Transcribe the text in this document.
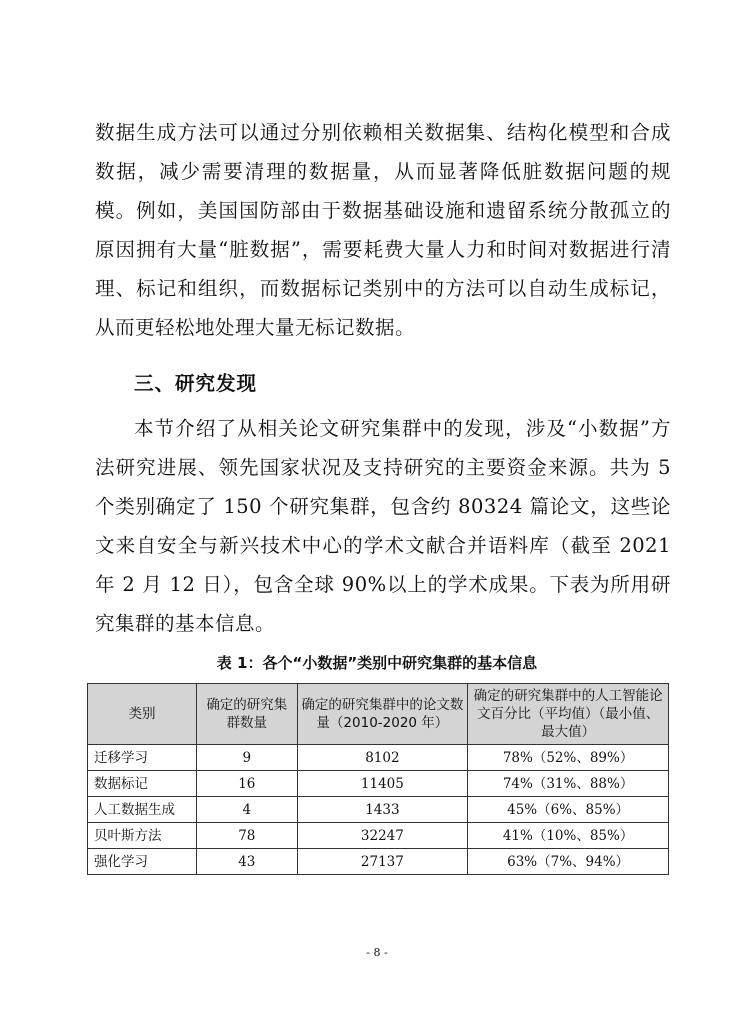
数据生成方法可以通过分别依赖相关数据集、结构化模型和合成数据，减少需要清理的数据量，从而显著降低脏数据问题的规模。例如，美国国防部由于数据基础设施和遗留系统分散孤立的原因拥有大量“脏数据”，需要耗费大量人力和时间对数据进行清理、标记和组织，而数据标记类别中的方法可以自动生成标记，从而更轻松地处理大量无标记数据。

三、研究发现

本节介绍了从相关论文研究集群中的发现，涉及“小数据”方法研究进展、领先国家状况及支持研究的主要资金来源。共为 5 个类别确定了 150 个研究集群，包含约 80324 篇论文，这些论文来自安全与新兴技术中心的学术文献合并语料库（截至 2021 年 2 月 12 日），包含全球 90%以上的学术成果。下表为所用研究集群的基本信息。

表 1：各个“小数据”类别中研究集群的基本信息

类别	确定的研究集群数量	确定的研究集群中的论文数量（2010-2020 年）	确定的研究集群中的人工智能论文百分比（平均值）（最小值、最大值）
迁移学习	9	8102	78%（52%、89%）
数据标记	16	11405	74%（31%、88%）
人工数据生成	4	1433	45%（6%、85%）
贝叶斯方法	78	32247	41%（10%、85%）
强化学习	43	27137	63%（7%、94%）

- 8 -
